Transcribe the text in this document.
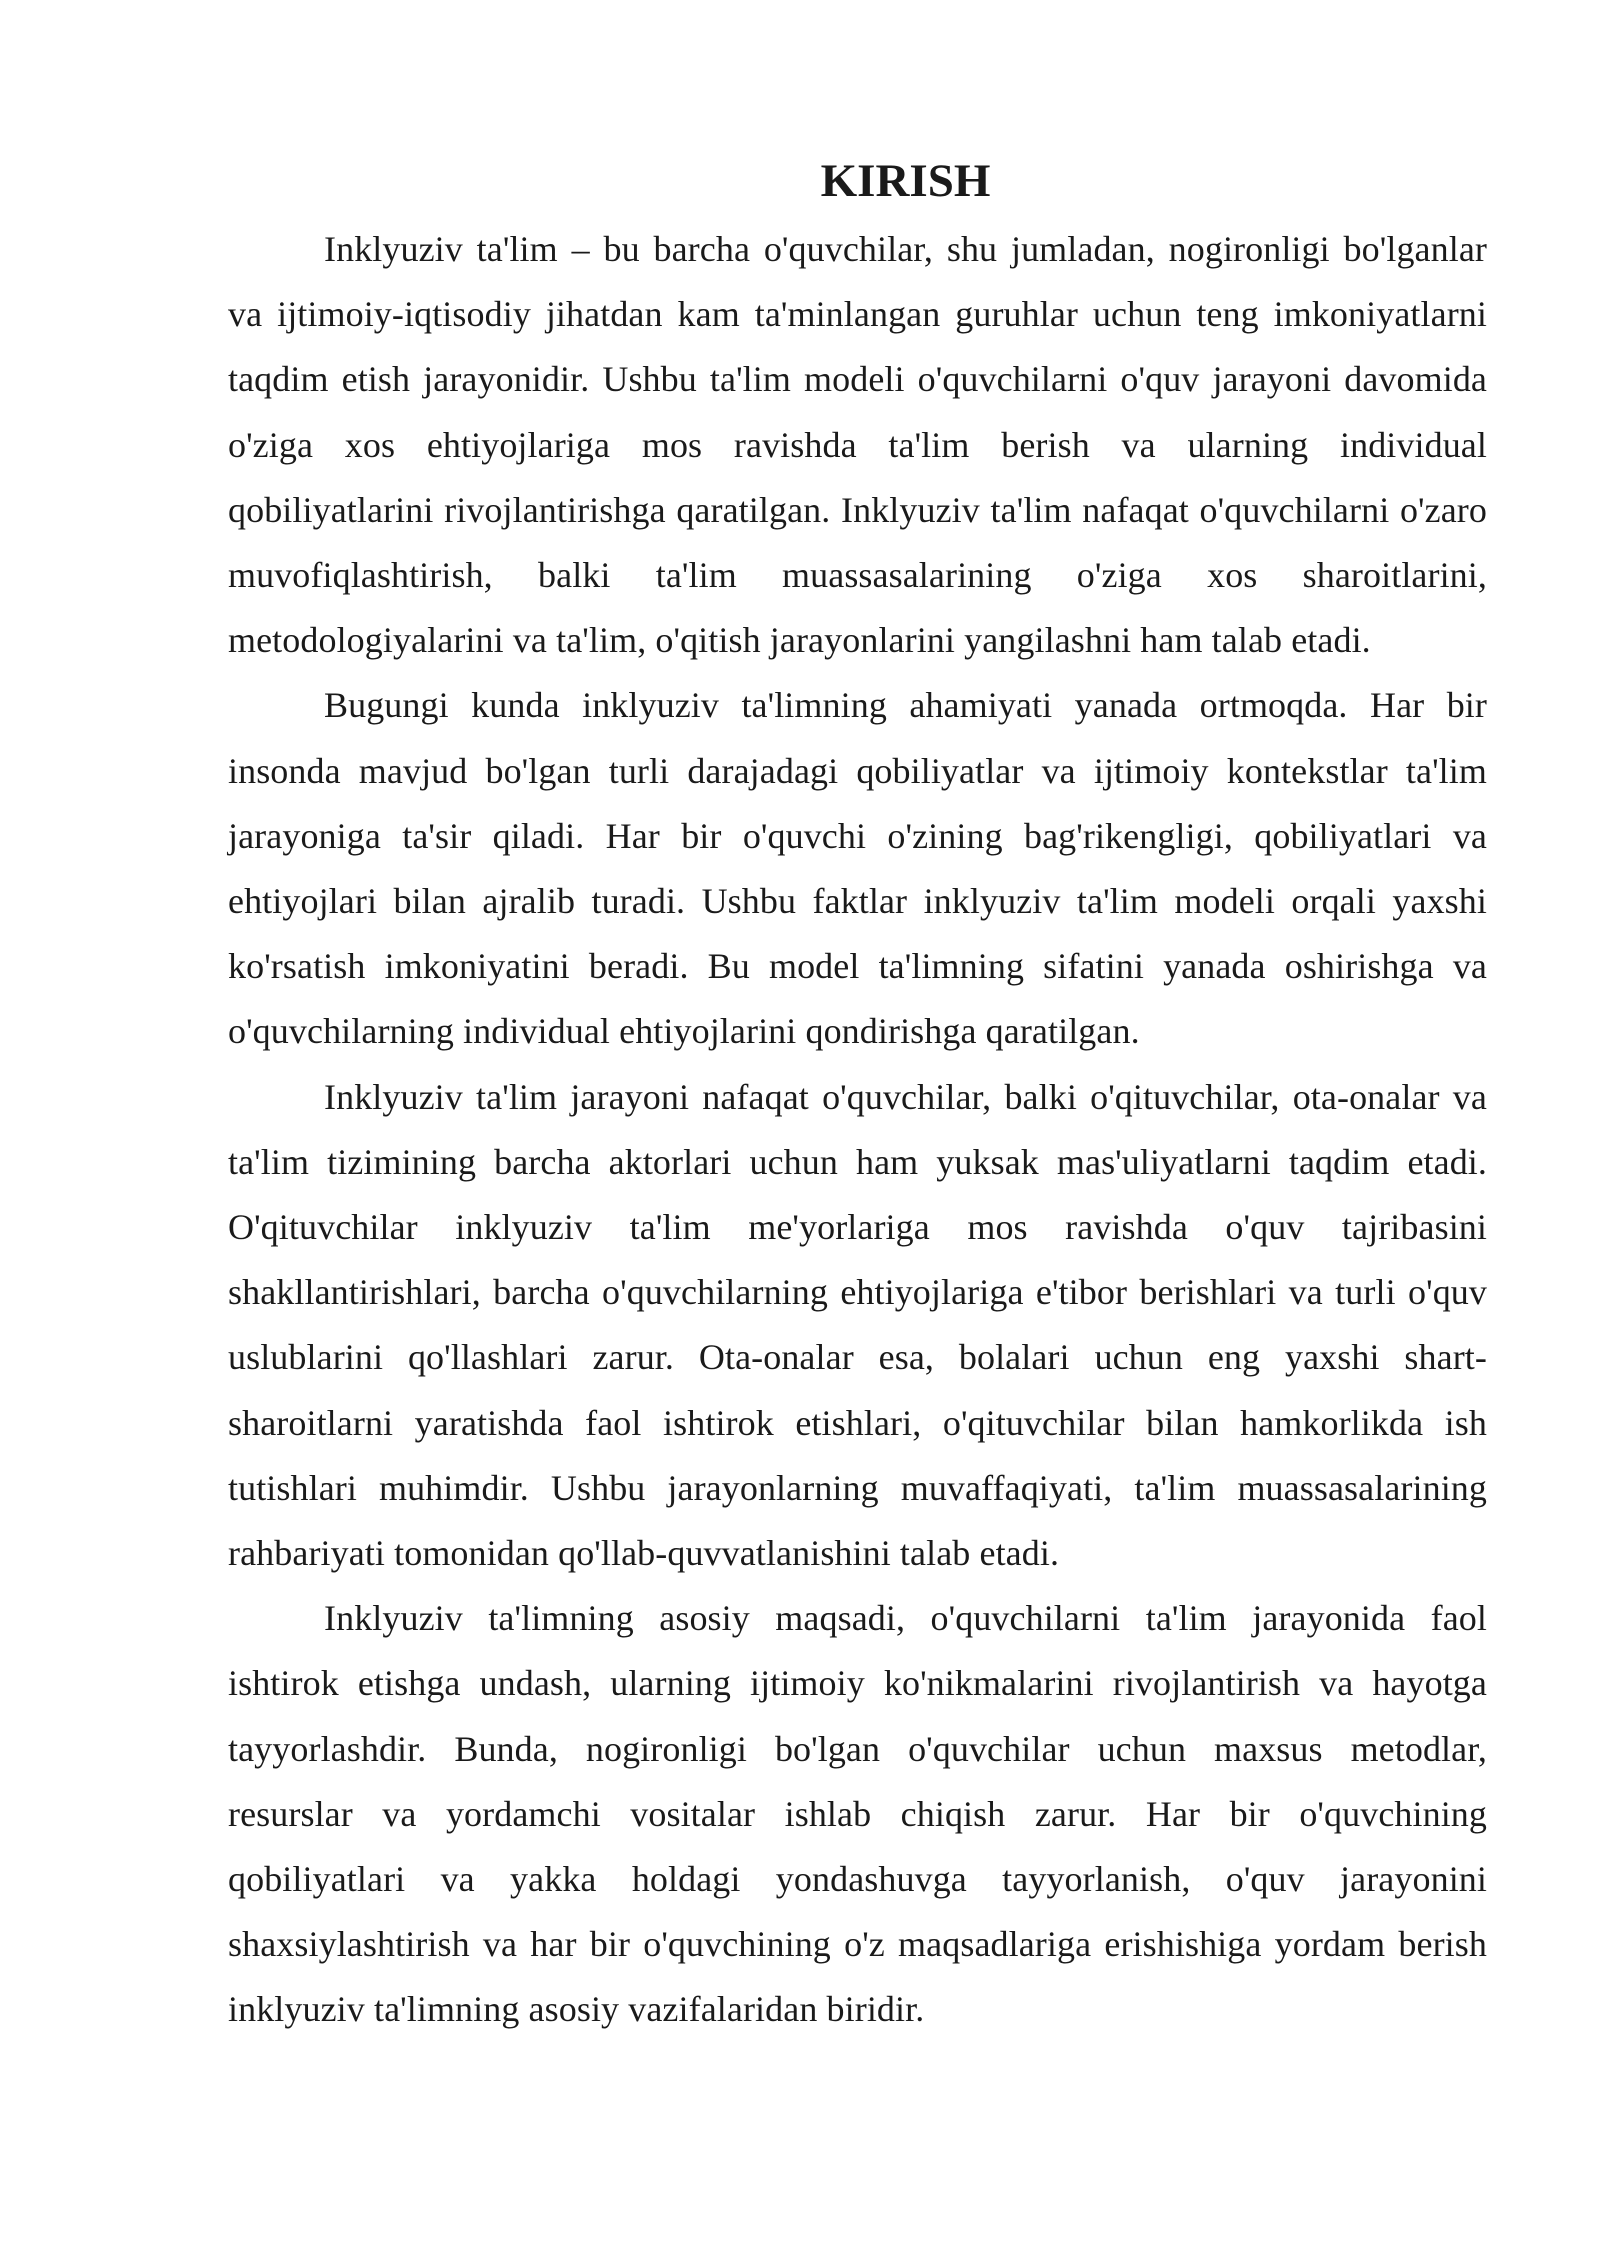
KIRISH

Inklyuziv ta'lim – bu barcha o'quvchilar, shu jumladan, nogironligi bo'lganlar va ijtimoiy-iqtisodiy jihatdan kam ta'minlangan guruhlar uchun teng imkoniyatlarni taqdim etish jarayonidir. Ushbu ta'lim modeli o'quvchilarni o'quv jarayoni davomida o'ziga xos ehtiyojlariga mos ravishda ta'lim berish va ularning individual qobiliyatlarini rivojlantirishga qaratilgan. Inklyuziv ta'lim nafaqat o'quvchilarni o'zaro muvofiqlashtirish, balki ta'lim muassasalarining o'ziga xos sharoitlarini, metodologiyalarini va ta'lim, o'qitish jarayonlarini yangilashni ham talab etadi.

Bugungi kunda inklyuziv ta'limning ahamiyati yanada ortmoqda. Har bir insonda mavjud bo'lgan turli darajadagi qobiliyatlar va ijtimoiy kontekstlar ta'lim jarayoniga ta'sir qiladi. Har bir o'quvchi o'zining bag'rikengligi, qobiliyatlari va ehtiyojlari bilan ajralib turadi. Ushbu faktlar inklyuziv ta'lim modeli orqali yaxshi ko'rsatish imkoniyatini beradi. Bu model ta'limning sifatini yanada oshirishga va o'quvchilarning individual ehtiyojlarini qondirishga qaratilgan.

Inklyuziv ta'lim jarayoni nafaqat o'quvchilar, balki o'qituvchilar, ota-onalar va ta'lim tizimining barcha aktorlari uchun ham yuksak mas'uliyatlarni taqdim etadi. O'qituvchilar inklyuziv ta'lim me'yorlariga mos ravishda o'quv tajribasini shakllantirishlari, barcha o'quvchilarning ehtiyojlariga e'tibor berishlari va turli o'quv uslublarini qo'llashlari zarur. Ota-onalar esa, bolalari uchun eng yaxshi shart-sharoitlarni yaratishda faol ishtirok etishlari, o'qituvchilar bilan hamkorlikda ish tutishlari muhimdir. Ushbu jarayonlarning muvaffaqiyati, ta'lim muassasalarining rahbariyati tomonidan qo'llab-quvvatlanishini talab etadi.

Inklyuziv ta'limning asosiy maqsadi, o'quvchilarni ta'lim jarayonida faol ishtirok etishga undash, ularning ijtimoiy ko'nikmalarini rivojlantirish va hayotga tayyorlashdir. Bunda, nogironligi bo'lgan o'quvchilar uchun maxsus metodlar, resurslar va yordamchi vositalar ishlab chiqish zarur. Har bir o'quvchining qobiliyatlari va yakka holdagi yondashuvga tayyorlanish, o'quv jarayonini shaxsiylashtirish va har bir o'quvchining o'z maqsadlariga erishishiga yordam berish inklyuziv ta'limning asosiy vazifalaridan biridir.
